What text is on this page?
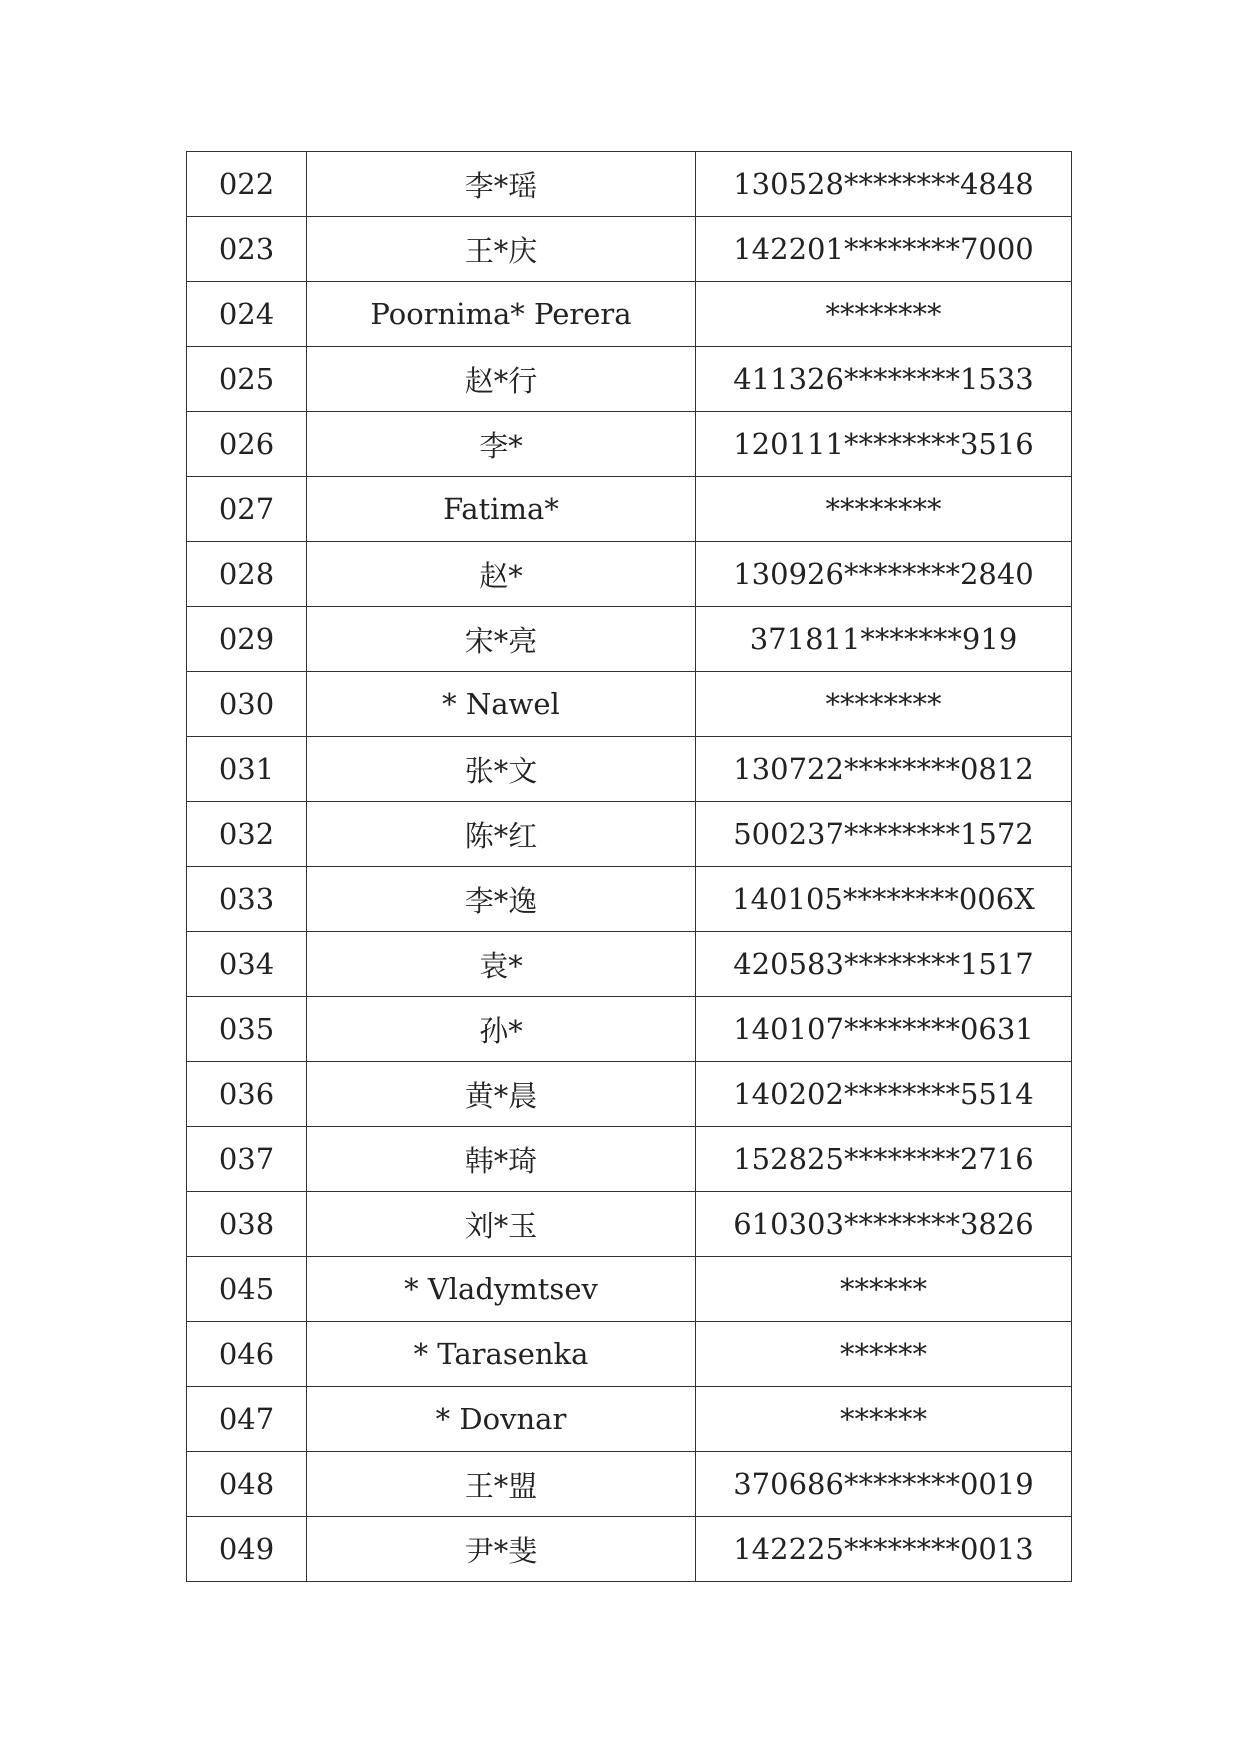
022	李*瑶	130528********4848
023	王*庆	142201********7000
024	Poornima* Perera	********
025	赵*行	411326********1533
026	李*	120111********3516
027	Fatima*	********
028	赵*	130926********2840
029	宋*亮	371811*******919
030	* Nawel	********
031	张*文	130722********0812
032	陈*红	500237********1572
033	李*逸	140105********006X
034	袁*	420583********1517
035	孙*	140107********0631
036	黄*晨	140202********5514
037	韩*琦	152825********2716
038	刘*玉	610303********3826
045	* Vladymtsev	******
046	* Tarasenka	******
047	* Dovnar	******
048	王*盟	370686********0019
049	尹*斐	142225********0013
